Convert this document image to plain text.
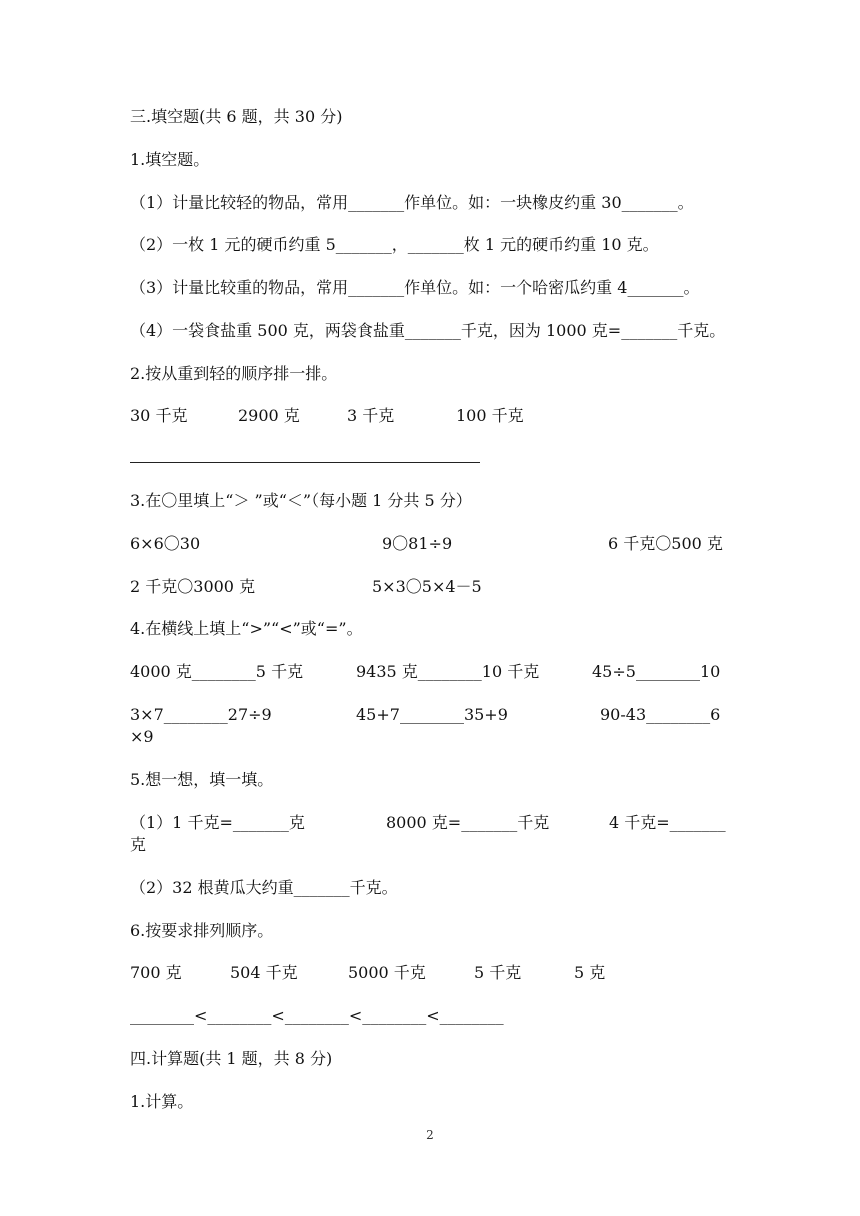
三.填空题(共 6 题，共 30 分)
1.填空题。
（1）计量比较轻的物品，常用_______作单位。如：一块橡皮约重 30_______。
（2）一枚 1 元的硬币约重 5_______，_______枚 1 元的硬币约重 10 克。
（3）计量比较重的物品，常用_______作单位。如：一个哈密瓜约重 4_______。
（4）一袋食盐重 500 克，两袋食盐重_______千克，因为 1000 克=_______千克。
2.按从重到轻的顺序排一排。
30 千克	2900 克	3 千克	100 千克
3.在〇里填上“＞ ”或“＜”（每小题 1 分共 5 分）
6×6〇30	9〇81÷9	6 千克〇500 克
2 千克〇3000 克	5×3〇5×4－5
4.在横线上填上“>”“<”或“=”。
4000 克________5 千克	9435 克________10 千克	45÷5________10
3×7________27÷9	45+7________35+9	90-43________6
×9
5.想一想，填一填。
（1）1 千克=_______克	8000 克=_______千克	4 千克=_______
克
（2）32 根黄瓜大约重_______千克。
6.按要求排列顺序。
700 克	504 千克	5000 千克	5 千克	5 克
________<________<________<________<________
四.计算题(共 1 题，共 8 分)
1.计算。
2
